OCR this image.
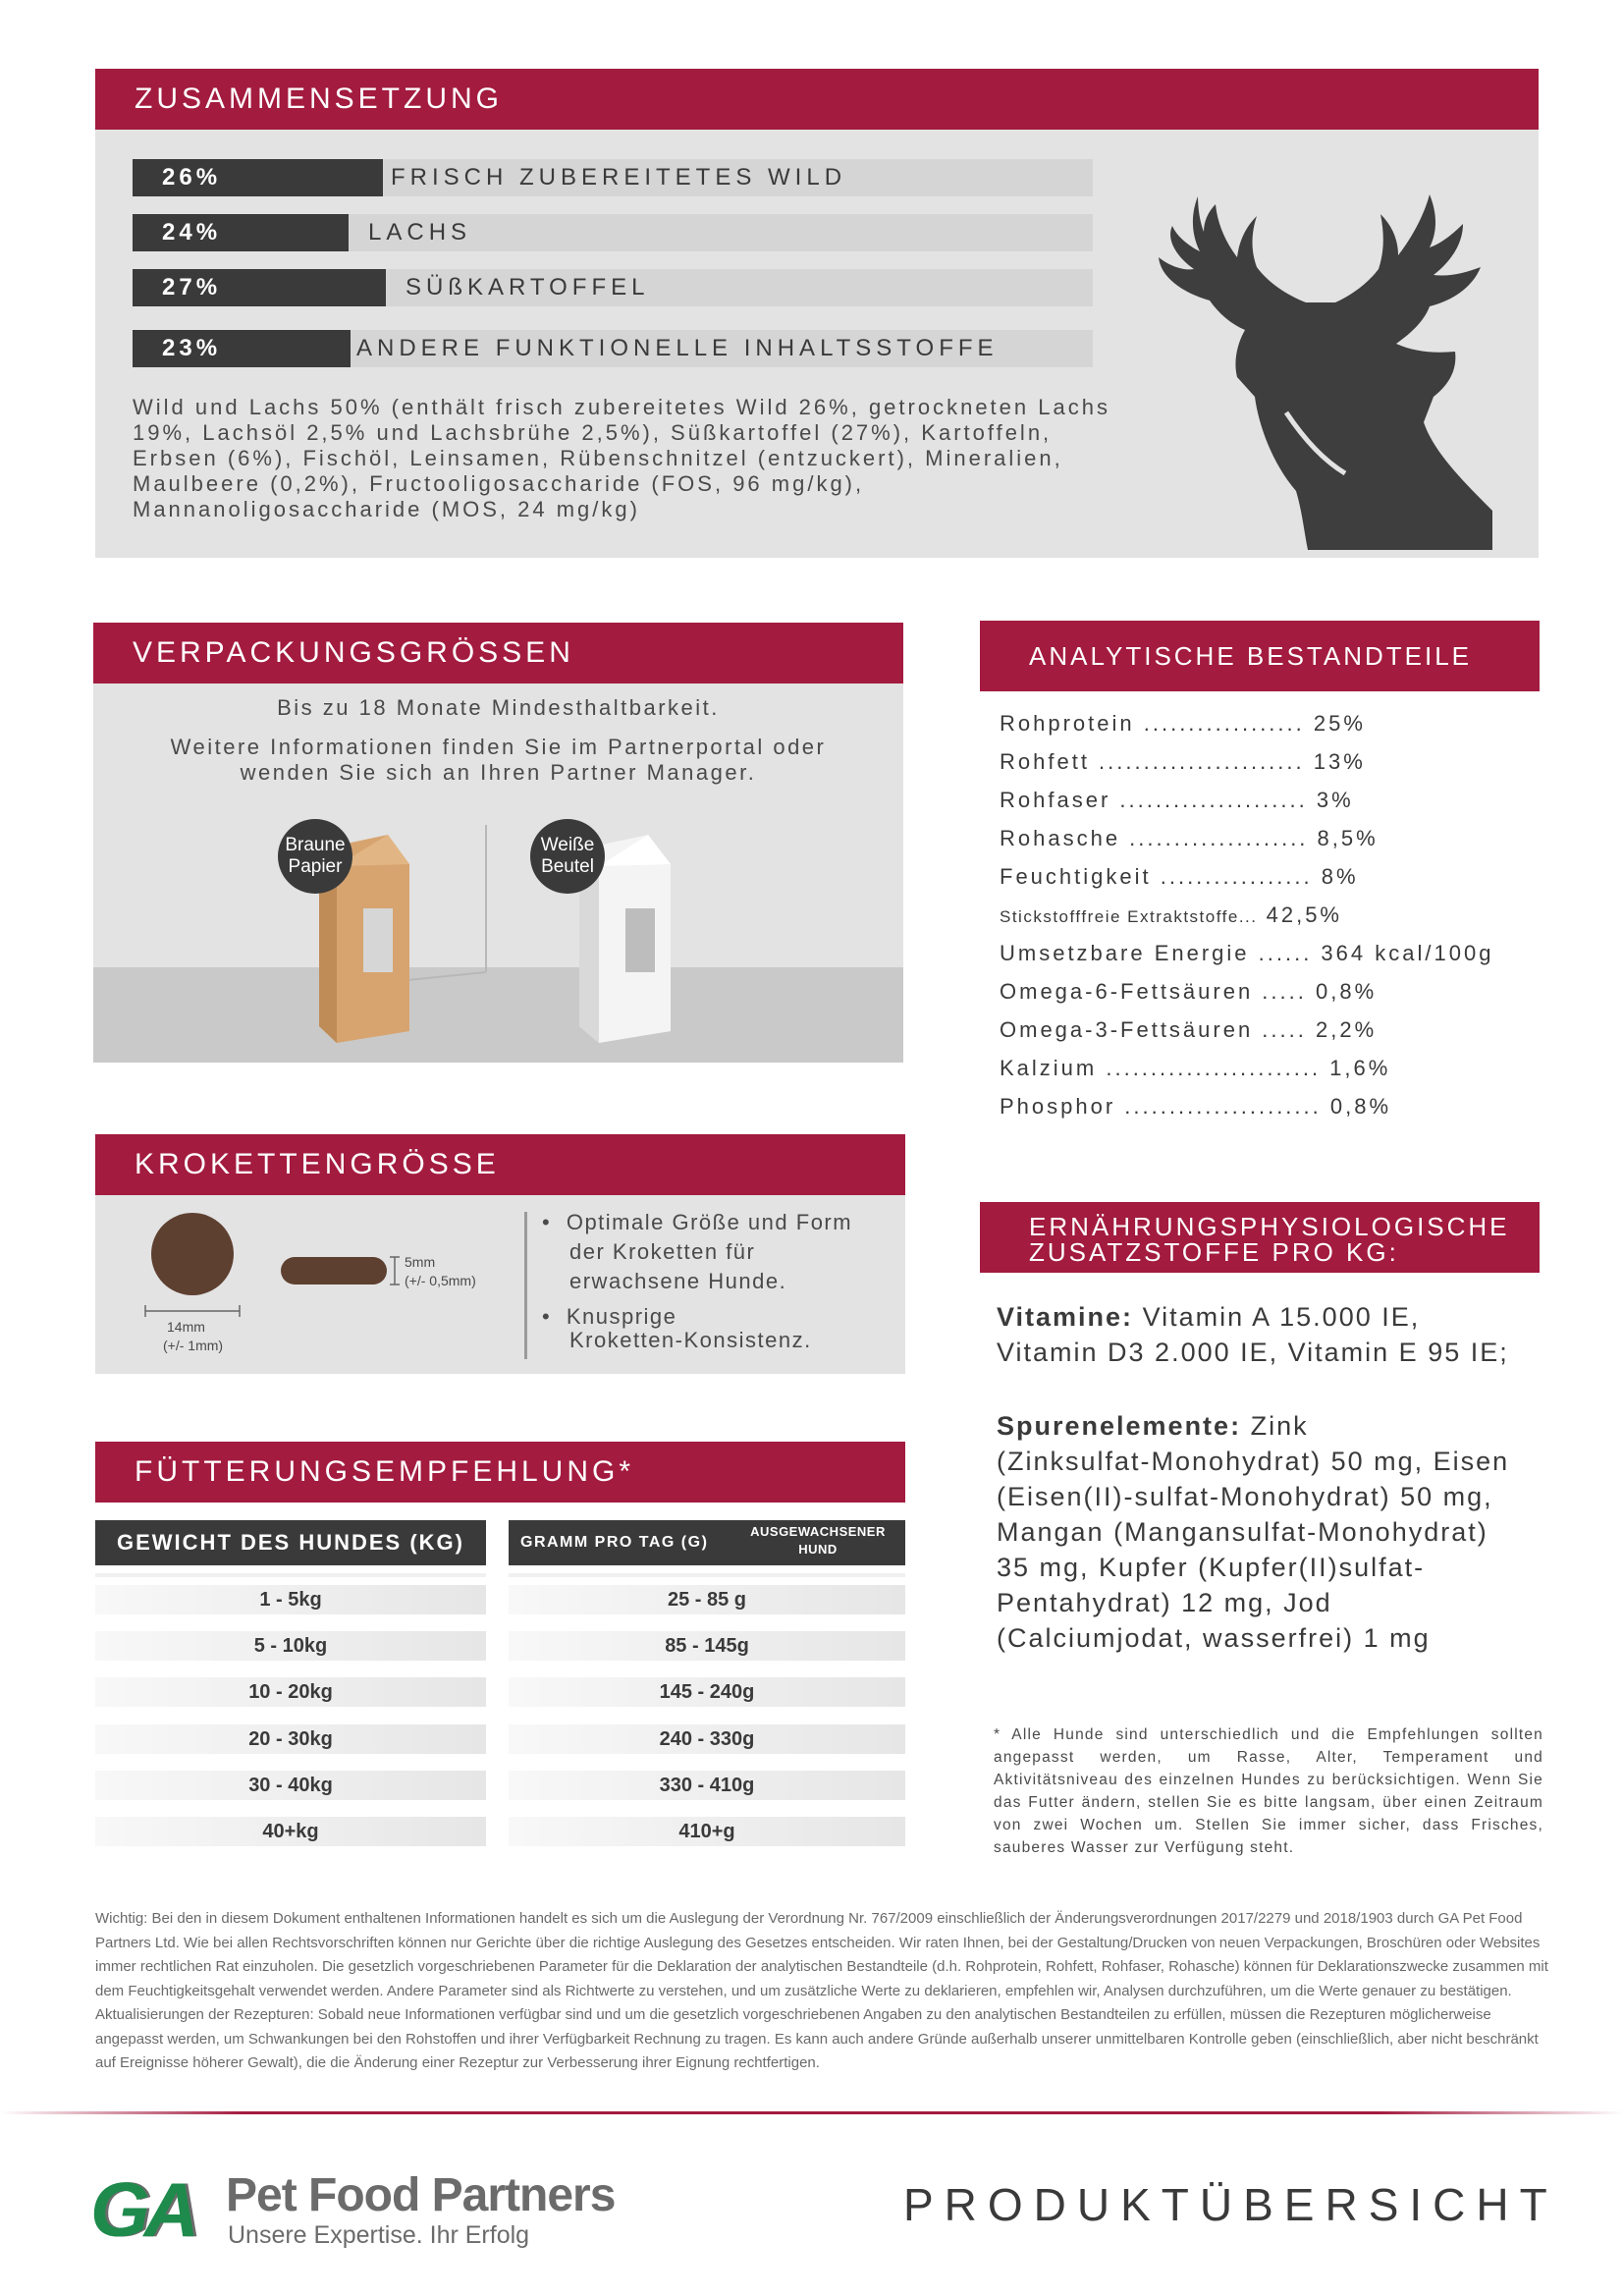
ZUSAMMENSETZUNG
26%	FRISCH ZUBEREITETES WILD
24%	LACHS
27%	SÜßKARTOFFEL
23%	ANDERE FUNKTIONELLE INHALTSSTOFFE
Wild und Lachs 50% (enthält frisch zubereitetes Wild 26%, getrockneten Lachs 19%, Lachsöl 2,5% und Lachsbrühe 2,5%), Süßkartoffel (27%), Kartoffeln, Erbsen (6%), Fischöl, Leinsamen, Rübenschnitzel (entzuckert), Mineralien, Maulbeere (0,2%), Fructooligosaccharide (FOS, 96 mg/kg), Mannanoligosaccharide (MOS, 24 mg/kg)
VERPACKUNGSGRÖSSEN
Bis zu 18 Monate Mindesthaltbarkeit.
Weitere Informationen finden Sie im Partnerportal oder
wenden Sie sich an Ihren Partner Manager.
Braune
Papier
Weiße
Beutel
ANALYTISCHE BESTANDTEILE
Rohprotein .................. 25%
Rohfett ....................... 13%
Rohfaser ..................... 3%
Rohasche .................... 8,5%
Feuchtigkeit ................. 8%
Stickstofffreie Extraktstoffe... 42,5%
Umsetzbare Energie ...... 364 kcal/100g
Omega-6-Fettsäuren ..... 0,8%
Omega-3-Fettsäuren ..... 2,2%
Kalzium ........................ 1,6%
Phosphor ...................... 0,8%
KROKETTENGRÖSSE
14mm
(+/- 1mm)
5mm
(+/- 0,5mm)
• Optimale Größe und Form
der Kroketten für
erwachsene Hunde.
• Knusprige
Kroketten-Konsistenz.
FÜTTERUNGSEMPFEHLUNG*
GEWICHT DES HUNDES (KG)	GRAMM PRO TAG (G)
AUSGEWACHSENER
HUND
1 - 5kg	25 - 85 g
5 - 10kg	85 - 145g
10 - 20kg	145 - 240g
20 - 30kg	240 - 330g
30 - 40kg	330 - 410g
40+kg	410+g
ERNÄHRUNGSPHYSIOLOGISCHE
ZUSATZSTOFFE PRO KG:
Vitamine: Vitamin A 15.000 IE,
Vitamin D3 2.000 IE, Vitamin E 95 IE;
Spurenelemente: Zink
(Zinksulfat-Monohydrat) 50 mg, Eisen
(Eisen(II)-sulfat-Monohydrat) 50 mg,
Mangan (Mangansulfat-Monohydrat)
35 mg, Kupfer (Kupfer(II)sulfat-
Pentahydrat) 12 mg, Jod
(Calciumjodat, wasserfrei) 1 mg
* Alle Hunde sind unterschiedlich und die Empfehlungen sollten angepasst werden, um Rasse, Alter, Temperament und Aktivitätsniveau des einzelnen Hundes zu berücksichtigen. Wenn Sie das Futter ändern, stellen Sie es bitte langsam, über einen Zeitraum von zwei Wochen um. Stellen Sie immer sicher, dass Frisches, sauberes Wasser zur Verfügung steht.
Wichtig: Bei den in diesem Dokument enthaltenen Informationen handelt es sich um die Auslegung der Verordnung Nr. 767/2009 einschließlich der Änderungsverordnungen 2017/2279 und 2018/1903 durch GA Pet Food Partners Ltd. Wie bei allen Rechtsvorschriften können nur Gerichte über die richtige Auslegung des Gesetzes entscheiden. Wir raten Ihnen, bei der Gestaltung/Drucken von neuen Verpackungen, Broschüren oder Websites immer rechtlichen Rat einzuholen. Die gesetzlich vorgeschriebenen Parameter für die Deklaration der analytischen Bestandteile (d.h. Rohprotein, Rohfett, Rohfaser, Rohasche) können für Deklarationszwecke zusammen mit dem Feuchtigkeitsgehalt verwendet werden. Andere Parameter sind als Richtwerte zu verstehen, und um zusätzliche Werte zu deklarieren, empfehlen wir, Analysen durchzuführen, um die Werte genauer zu bestätigen. Aktualisierungen der Rezepturen: Sobald neue Informationen verfügbar sind und um die gesetzlich vorgeschriebenen Angaben zu den analytischen Bestandteilen zu erfüllen, müssen die Rezepturen möglicherweise angepasst werden, um Schwankungen bei den Rohstoffen und ihrer Verfügbarkeit Rechnung zu tragen. Es kann auch andere Gründe außerhalb unserer unmittelbaren Kontrolle geben (einschließlich, aber nicht beschränkt auf Ereignisse höherer Gewalt), die die Änderung einer Rezeptur zur Verbesserung ihrer Eignung rechtfertigen.
GA Pet Food Partners
Unsere Expertise. Ihr Erfolg
PRODUKTÜBERSICHT
